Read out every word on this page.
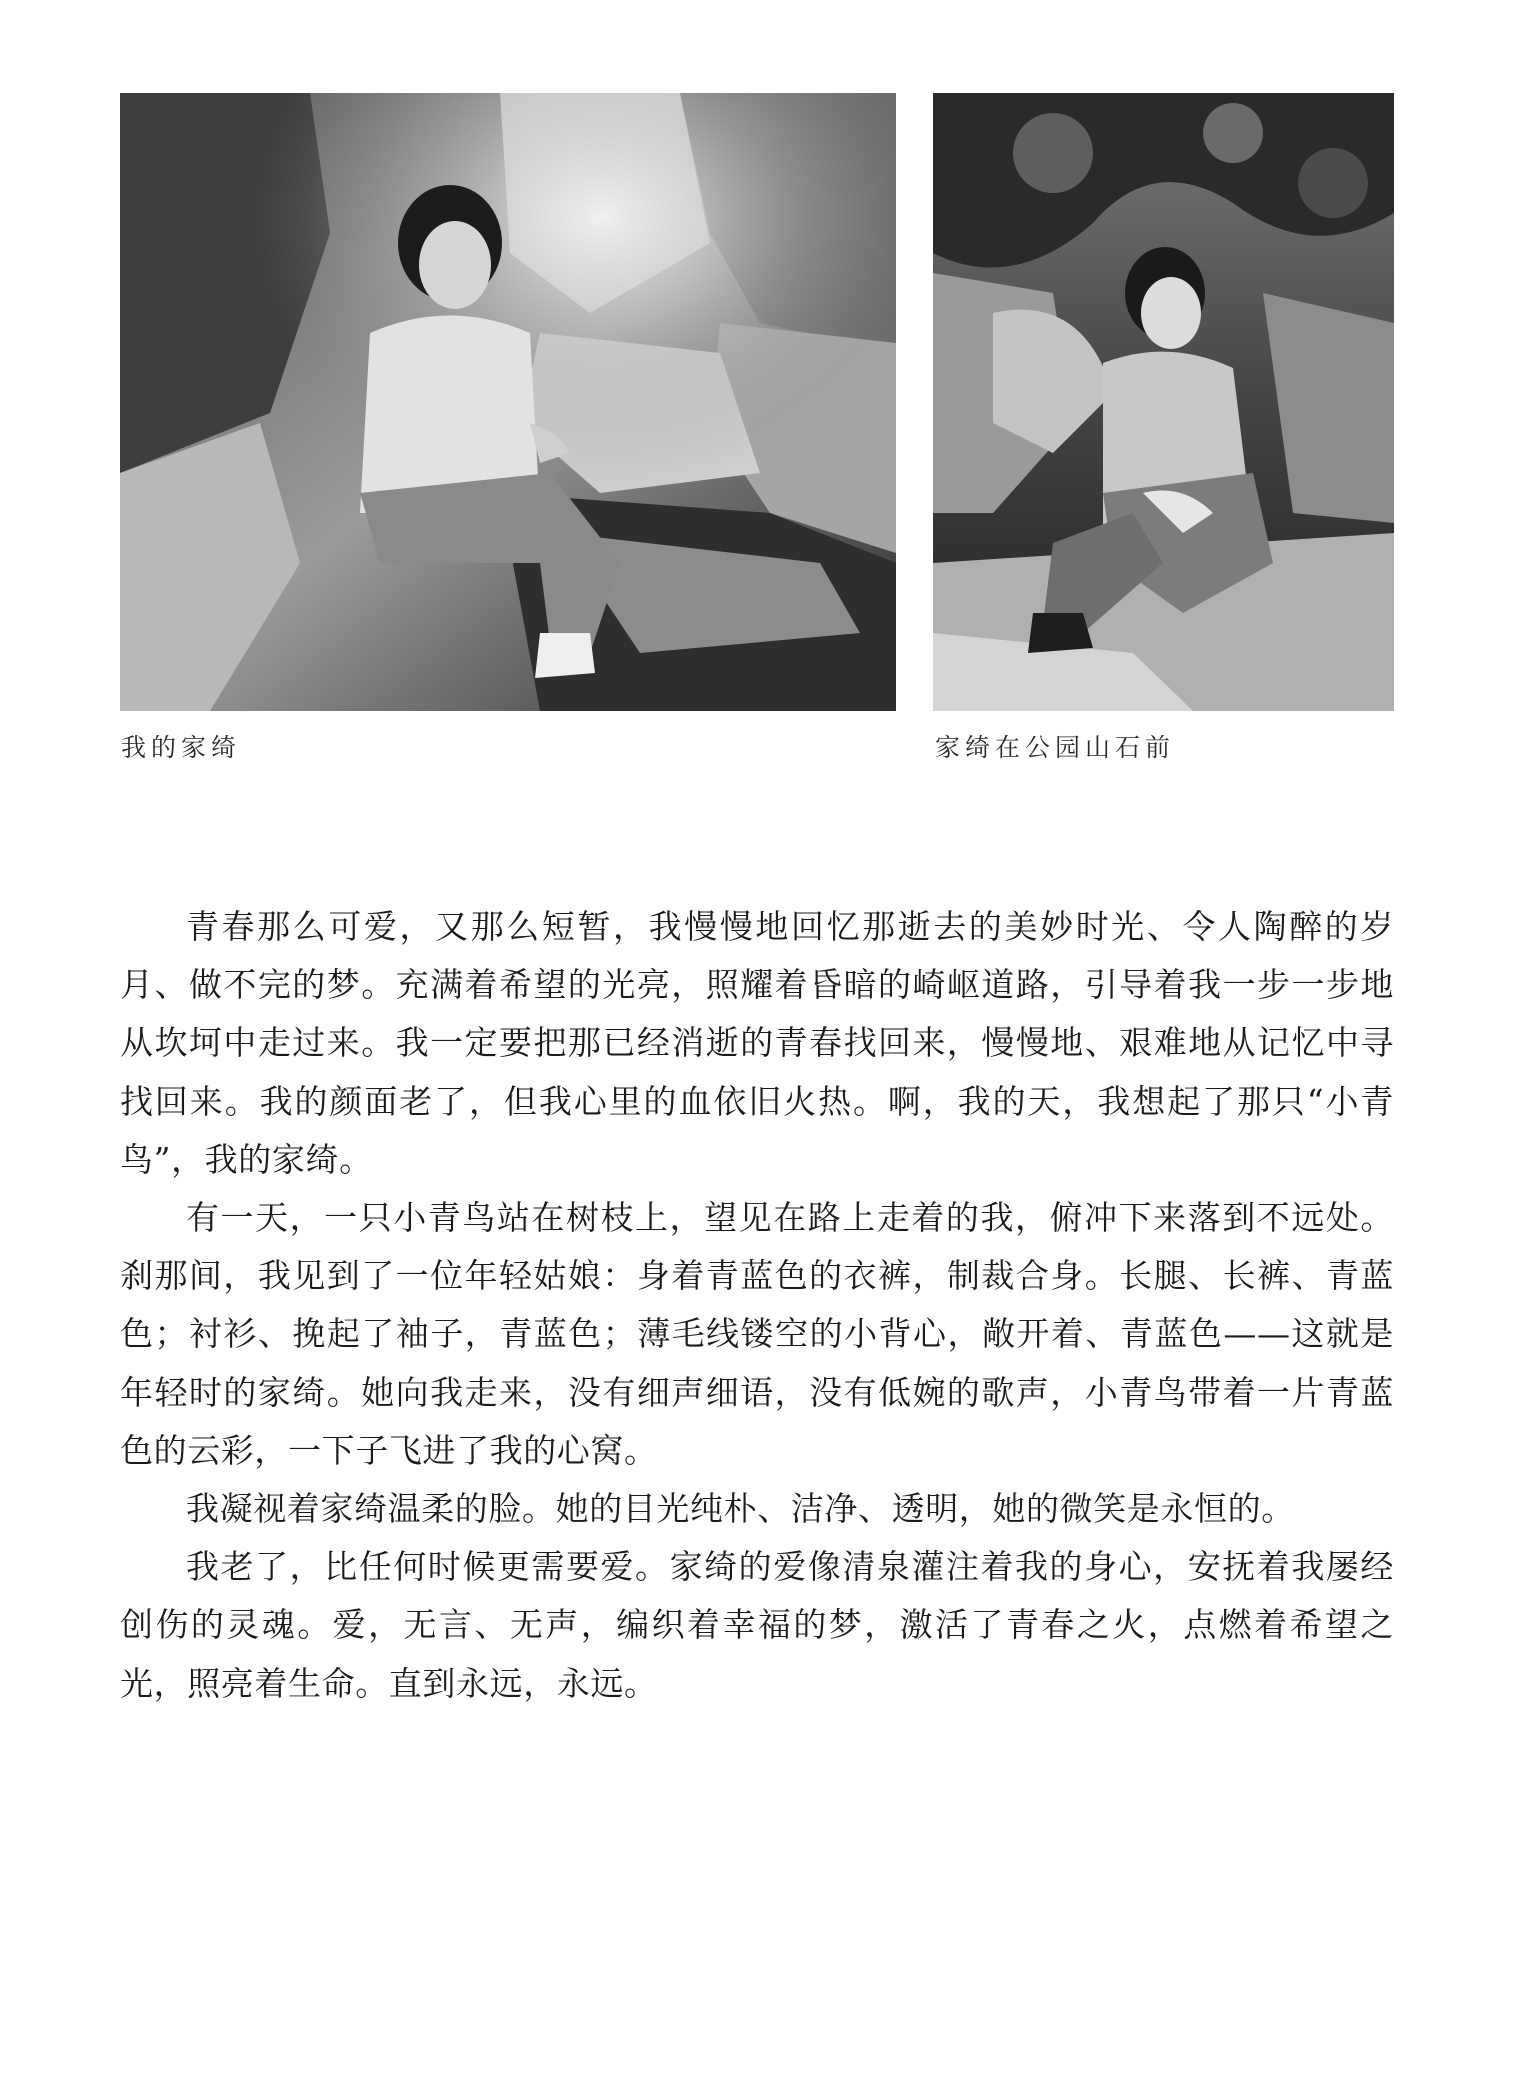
我的家绮	家绮在公园山石前

青春那么可爱，又那么短暂，我慢慢地回忆那逝去的美妙时光、令人陶醉的岁月、做不完的梦。充满着希望的光亮，照耀着昏暗的崎岖道路，引导着我一步一步地从坎坷中走过来。我一定要把那已经消逝的青春找回来，慢慢地、艰难地从记忆中寻找回来。我的颜面老了，但我心里的血依旧火热。啊，我的天，我想起了那只“小青鸟”，我的家绮。

有一天，一只小青鸟站在树枝上，望见在路上走着的我，俯冲下来落到不远处。刹那间，我见到了一位年轻姑娘：身着青蓝色的衣裤，制裁合身。长腿、长裤、青蓝色；衬衫、挽起了袖子，青蓝色；薄毛线镂空的小背心，敞开着、青蓝色——这就是年轻时的家绮。她向我走来，没有细声细语，没有低婉的歌声，小青鸟带着一片青蓝色的云彩，一下子飞进了我的心窝。

我凝视着家绮温柔的脸。她的目光纯朴、洁净、透明，她的微笑是永恒的。

我老了，比任何时候更需要爱。家绮的爱像清泉灌注着我的身心，安抚着我屡经创伤的灵魂。爱，无言、无声，编织着幸福的梦，激活了青春之火，点燃着希望之光，照亮着生命。直到永远，永远。
